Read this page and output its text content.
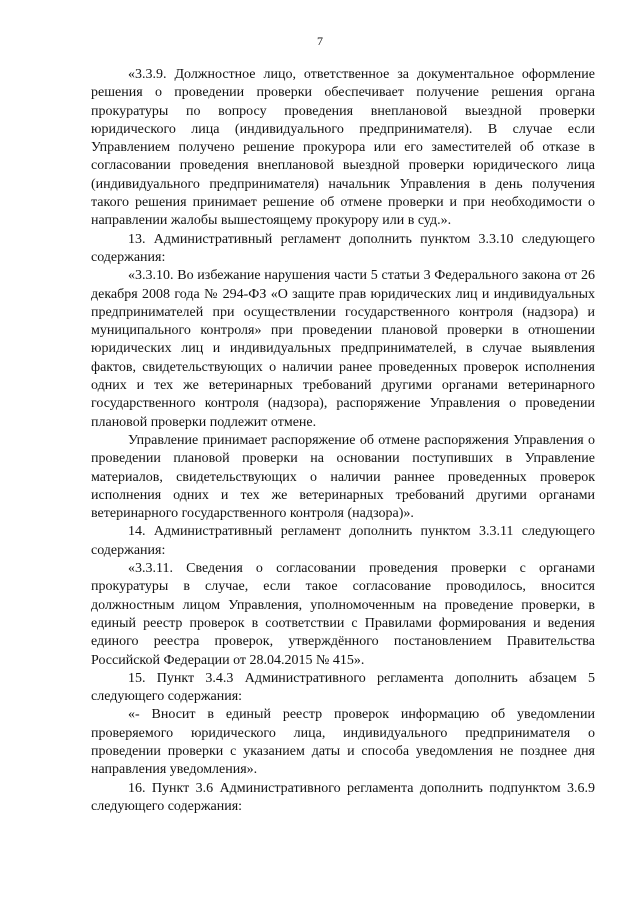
7

«3.3.9. Должностное лицо, ответственное за документальное оформление решения о проведении проверки обеспечивает получение решения органа прокуратуры по вопросу проведения внеплановой выездной проверки юридического лица (индивидуального предпринимателя). В случае если Управлением получено решение прокурора или его заместителей об отказе в согласовании проведения внеплановой выездной проверки юридического лица (индивидуального предпринимателя) начальник Управления в день получения такого решения принимает решение об отмене проверки и при необходимости о направлении жалобы вышестоящему прокурору или в суд.».

13. Административный регламент дополнить пунктом 3.3.10 следующего содержания:

«3.3.10. Во избежание нарушения части 5 статьи 3 Федерального закона от 26 декабря 2008 года № 294-ФЗ «О защите прав юридических лиц и индивидуальных предпринимателей при осуществлении государственного контроля (надзора) и муниципального контроля» при проведении плановой проверки в отношении юридических лиц и индивидуальных предпринимателей, в случае выявления фактов, свидетельствующих о наличии ранее проведенных проверок исполнения одних и тех же ветеринарных требований другими органами ветеринарного государственного контроля (надзора), распоряжение Управления о проведении плановой проверки подлежит отмене.

Управление принимает распоряжение об отмене распоряжения Управления о проведении плановой проверки на основании поступивших в Управление материалов, свидетельствующих о наличии раннее проведенных проверок исполнения одних и тех же ветеринарных требований другими органами ветеринарного государственного контроля (надзора)».

14. Административный регламент дополнить пунктом 3.3.11 следующего содержания:

«3.3.11. Сведения о согласовании проведения проверки с органами прокуратуры в случае, если такое согласование проводилось, вносится должностным лицом Управления, уполномоченным на проведение проверки, в единый реестр проверок в соответствии с Правилами формирования и ведения единого реестра проверок, утверждённого постановлением Правительства Российской Федерации от 28.04.2015 № 415».

15. Пункт 3.4.3 Административного регламента дополнить абзацем 5 следующего содержания:

«- Вносит в единый реестр проверок информацию об уведомлении проверяемого юридического лица, индивидуального предпринимателя о проведении проверки с указанием даты и способа уведомления не позднее дня направления уведомления».

16. Пункт 3.6 Административного регламента дополнить подпунктом 3.6.9 следующего содержания:
